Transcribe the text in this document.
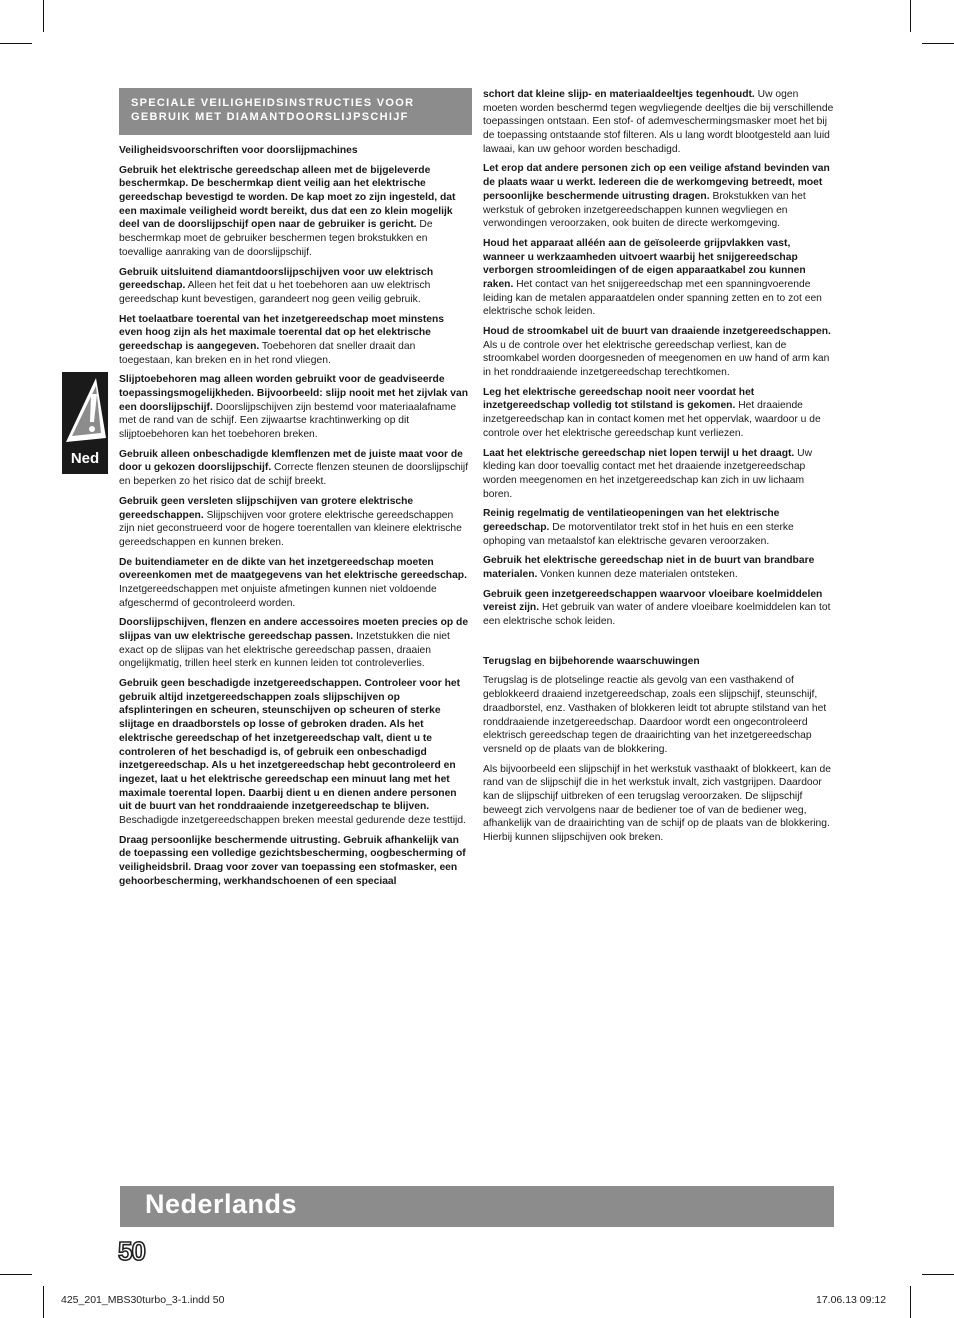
SPECIALE VEILIGHEIDSINSTRUCTIES VOOR GEBRUIK MET DIAMANTDOORSLIJPSCHIJF
Ned

Veiligheidsvoorschriften voor doorslijpmachines

Gebruik het elektrische gereedschap alleen met de bijgeleverde beschermkap. De beschermkap dient veilig aan het elektrische gereedschap bevestigd te worden. De kap moet zo zijn ingesteld, dat een maximale veiligheid wordt bereikt, dus dat een zo klein mogelijk deel van de doorslijpschijf open naar de gebruiker is gericht. De beschermkap moet de gebruiker beschermen tegen brokstukken en toevallige aanraking van de doorslijpschijf.

Gebruik uitsluitend diamantdoorslijpschijven voor uw elektrisch gereedschap. Alleen het feit dat u het toebehoren aan uw elektrisch gereedschap kunt bevestigen, garandeert nog geen veilig gebruik.

Het toelaatbare toerental van het inzetgereedschap moet minstens even hoog zijn als het maximale toerental dat op het elektrische gereedschap is aangegeven. Toebehoren dat sneller draait dan toegestaan, kan breken en in het rond vliegen.

Slijptoebehoren mag alleen worden gebruikt voor de geadviseerde toepassingsmogelijkheden. Bijvoorbeeld: slijp nooit met het zijvlak van een doorslijpschijf. Doorslijpschijven zijn bestemd voor materiaalafname met de rand van de schijf. Een zijwaartse krachtinwerking op dit slijptoebehoren kan het toebehoren breken.

Gebruik alleen onbeschadigde klemflenzen met de juiste maat voor de door u gekozen doorslijpschijf. Correcte flenzen steunen de doorslijpschijf en beperken zo het risico dat de schijf breekt.

Gebruik geen versleten slijpschijven van grotere elektrische gereedschappen. Slijpschijven voor grotere elektrische gereedschappen zijn niet geconstrueerd voor de hogere toerentallen van kleinere elektrische gereedschappen en kunnen breken.

De buitendiameter en de dikte van het inzetgereedschap moeten overeenkomen met de maatgegevens van het elektrische gereedschap. Inzetgereedschappen met onjuiste afmetingen kunnen niet voldoende afgeschermd of gecontroleerd worden.

Doorslijpschijven, flenzen en andere accessoires moeten precies op de slijpas van uw elektrische gereedschap passen. Inzetstukken die niet exact op de slijpas van het elektrische gereedschap passen, draaien ongelijkmatig, trillen heel sterk en kunnen leiden tot controleverlies.

Gebruik geen beschadigde inzetgereedschappen. Controleer voor het gebruik altijd inzetgereedschappen zoals slijpschijven op afsplinteringen en scheuren, steunschijven op scheuren of sterke slijtage en draadborstels op losse of gebroken draden. Als het elektrische gereedschap of het inzetgereedschap valt, dient u te controleren of het beschadigd is, of gebruik een onbeschadigd inzetgereedschap. Als u het inzetgereedschap hebt gecontroleerd en ingezet, laat u het elektrische gereedschap een minuut lang met het maximale toerental lopen. Daarbij dient u en dienen andere personen uit de buurt van het ronddraaiende inzetgereedschap te blijven. Beschadigde inzetgereedschappen breken meestal gedurende deze testtijd.

Draag persoonlijke beschermende uitrusting. Gebruik afhankelijk van de toepassing een volledige gezichtsbescherming, oogbescherming of veiligheidsbril. Draag voor zover van toepassing een stofmasker, een gehoorbescherming, werkhandschoenen of een speciaal

schort dat kleine slijp- en materiaaldeeltjes tegenhoudt. Uw ogen moeten worden beschermd tegen wegvliegende deeltjes die bij verschillende toepassingen ontstaan. Een stof- of ademveschermingsmasker moet het bij de toepassing ontstaande stof filteren. Als u lang wordt blootgesteld aan luid lawaai, kan uw gehoor worden beschadigd.

Let erop dat andere personen zich op een veilige afstand bevinden van de plaats waar u werkt. Iedereen die de werkomgeving betreedt, moet persoonlijke beschermende uitrusting dragen. Brokstukken van het werkstuk of gebroken inzetgereedschappen kunnen wegvliegen en verwondingen veroorzaken, ook buiten de directe werkomgeving.

Houd het apparaat alléén aan de geïsoleerde grijpvlakken vast, wanneer u werkzaamheden uitvoert waarbij het snijgereedschap verborgen stroomleidingen of de eigen apparaatkabel zou kunnen raken. Het contact van het snijgereedschap met een spanningvoerende leiding kan de metalen apparaatdelen onder spanning zetten en to zot een elektrische schok leiden.

Houd de stroomkabel uit de buurt van draaiende inzetgereedschappen. Als u de controle over het elektrische gereedschap verliest, kan de stroomkabel worden doorgesneden of meegenomen en uw hand of arm kan in het ronddraaiende inzetgereedschap terechtkomen.

Leg het elektrische gereedschap nooit neer voordat het inzetgereedschap volledig tot stilstand is gekomen. Het draaiende inzetgereedschap kan in contact komen met het oppervlak, waardoor u de controle over het elektrische gereedschap kunt verliezen.

Laat het elektrische gereedschap niet lopen terwijl u het draagt. Uw kleding kan door toevallig contact met het draaiende inzetgereedschap worden meegenomen en het inzetgereedschap kan zich in uw lichaam boren.

Reinig regelmatig de ventilatieopeningen van het elektrische gereedschap. De motorventilator trekt stof in het huis en een sterke ophoping van metaalstof kan elektrische gevaren veroorzaken.

Gebruik het elektrische gereedschap niet in de buurt van brandbare materialen. Vonken kunnen deze materialen ontsteken.

Gebruik geen inzetgereedschappen waarvoor vloeibare koelmiddelen vereist zijn. Het gebruik van water of andere vloeibare koelmiddelen kan tot een elektrische schok leiden.

Terugslag en bijbehorende waarschuwingen

Terugslag is de plotselinge reactie als gevolg van een vasthakend of geblokkeerd draaiend inzetgereedschap, zoals een slijpschijf, steunschijf, draadborstel, enz. Vasthaken of blokkeren leidt tot abrupte stilstand van het ronddraaiende inzetgereedschap. Daardoor wordt een ongecontroleerd elektrisch gereedschap tegen de draairichting van het inzetgereedschap versneld op de plaats van de blokkering.

Als bijvoorbeeld een slijpschijf in het werkstuk vasthaakt of blokkeert, kan de rand van de slijpschijf die in het werkstuk invalt, zich vastgrijpen. Daardoor kan de slijpschijf uitbreken of een terugslag veroorzaken. De slijpschijf beweegt zich vervolgens naar de bediener toe of van de bediener weg, afhankelijk van de draairichting van de schijf op de plaats van de blokkering. Hierbij kunnen slijpschijven ook breken.

Nederlands
50
425_201_MBS30turbo_3-1.indd 50	17.06.13 09:12
